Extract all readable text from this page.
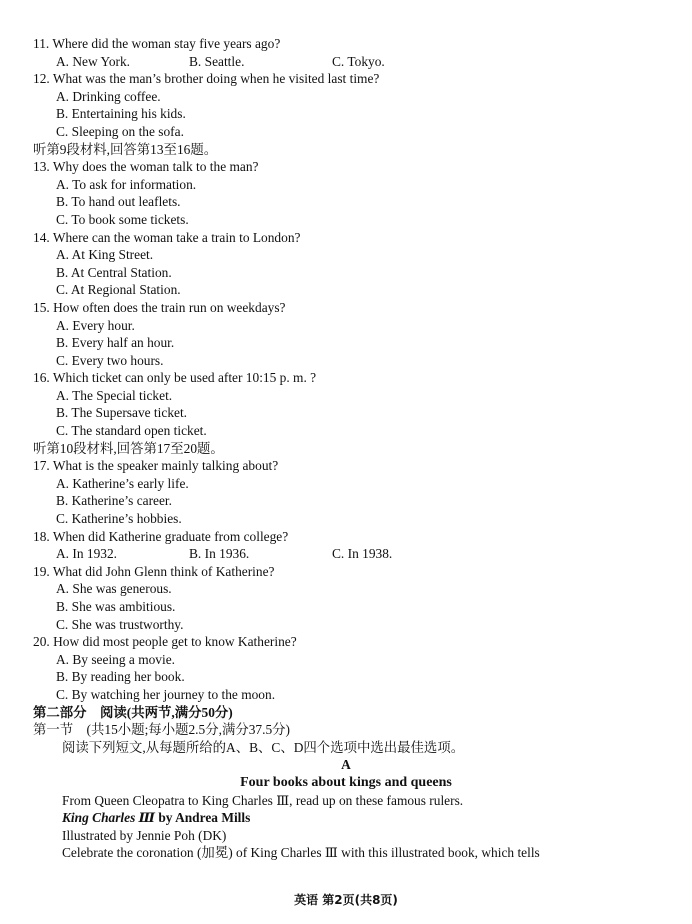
11. Where did the woman stay five years ago?
A. New York.	B. Seattle.	C. Tokyo.
12. What was the man’s brother doing when he visited last time?
A. Drinking coffee.
B. Entertaining his kids.
C. Sleeping on the sofa.
听第9段材料,回答第13至16题。
13. Why does the woman talk to the man?
A. To ask for information.
B. To hand out leaflets.
C. To book some tickets.
14. Where can the woman take a train to London?
A. At King Street.
B. At Central Station.
C. At Regional Station.
15. How often does the train run on weekdays?
A. Every hour.
B. Every half an hour.
C. Every two hours.
16. Which ticket can only be used after 10:15 p. m. ?
A. The Special ticket.
B. The Supersave ticket.
C. The standard open ticket.
听第10段材料,回答第17至20题。
17. What is the speaker mainly talking about?
A. Katherine’s early life.
B. Katherine’s career.
C. Katherine’s hobbies.
18. When did Katherine graduate from college?
A. In 1932.	B. In 1936.	C. In 1938.
19. What did John Glenn think of Katherine?
A. She was generous.
B. She was ambitious.
C. She was trustworthy.
20. How did most people get to know Katherine?
A. By seeing a movie.
B. By reading her book.
C. By watching her journey to the moon.
第二部分　阅读(共两节,满分50分)
第一节　(共15小题;每小题2.5分,满分37.5分)
阅读下列短文,从每题所给的A、B、C、D四个选项中选出最佳选项。
A
Four books about kings and queens
From Queen Cleopatra to King Charles Ⅲ, read up on these famous rulers.
King Charles Ⅲ by Andrea Mills
Illustrated by Jennie Poh (DK)
Celebrate the coronation (加冕) of King Charles Ⅲ with this illustrated book, which tells
英语 第2页(共8页)
